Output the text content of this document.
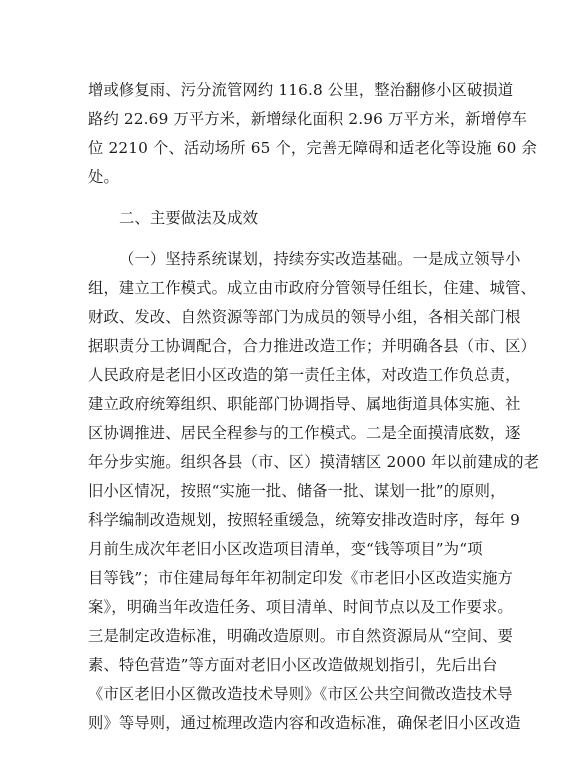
增或修复雨、污分流管网约 116.8 公里，整治翻修小区破损道
路约 22.69 万平方米，新增绿化面积 2.96 万平方米，新增停车
位 2210 个、活动场所 65 个，完善无障碍和适老化等设施 60 余
处。
二、主要做法及成效
（一）坚持系统谋划，持续夯实改造基础。一是成立领导小
组，建立工作模式。成立由市政府分管领导任组长，住建、城管、
财政、发改、自然资源等部门为成员的领导小组，各相关部门根
据职责分工协调配合，合力推进改造工作；并明确各县（市、区）
人民政府是老旧小区改造的第一责任主体，对改造工作负总责，
建立政府统筹组织、职能部门协调指导、属地街道具体实施、社
区协调推进、居民全程参与的工作模式。二是全面摸清底数，逐
年分步实施。组织各县（市、区）摸清辖区 2000 年以前建成的老
旧小区情况，按照“实施一批、储备一批、谋划一批”的原则，
科学编制改造规划，按照轻重缓急，统筹安排改造时序，每年 9
月前生成次年老旧小区改造项目清单，变“钱等项目”为“项
目等钱”；市住建局每年年初制定印发《市老旧小区改造实施方
案》，明确当年改造任务、项目清单、时间节点以及工作要求。
三是制定改造标准，明确改造原则。市自然资源局从“空间、要
素、特色营造”等方面对老旧小区改造做规划指引，先后出台
《市区老旧小区微改造技术导则》《市区公共空间微改造技术导
则》等导则，通过梳理改造内容和改造标准，确保老旧小区改造
